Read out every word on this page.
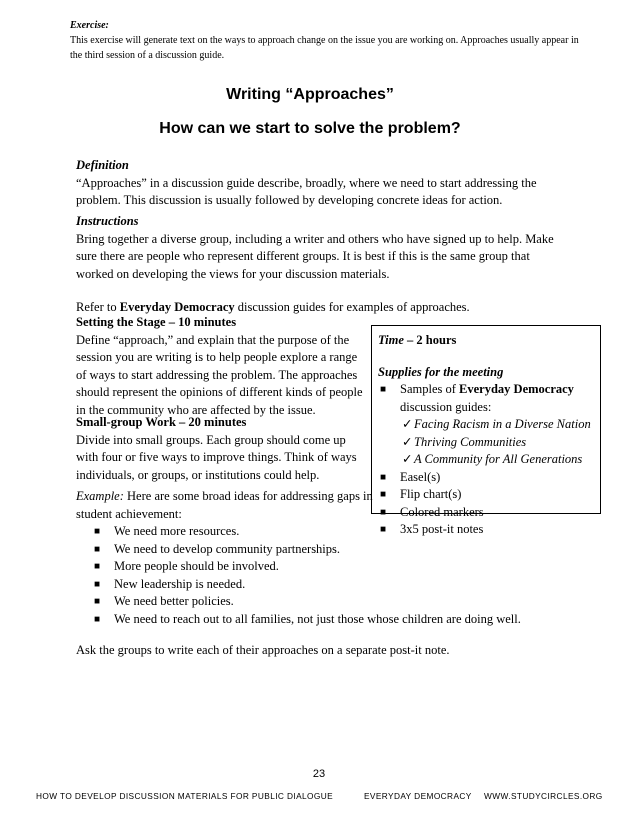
Exercise:
This exercise will generate text on the ways to approach change on the issue you are working on. Approaches usually appear in the third session of a discussion guide.
Writing “Approaches”
How can we start to solve the problem?
Definition
“Approaches” in a discussion guide describe, broadly, where we need to start addressing the problem. This discussion is usually followed by developing concrete ideas for action.
Instructions
Bring together a diverse group, including a writer and others who have signed up to help. Make sure there are people who represent different groups. It is best if this is the same group that worked on developing the views for your discussion materials.
Refer to Everyday Democracy discussion guides for examples of approaches.
Setting the Stage – 10 minutes
Define “approach,” and explain that the purpose of the session you are writing is to help people explore a range of ways to start addressing the problem. The approaches should represent the opinions of different kinds of people in the community who are affected by the issue.
Small-group Work – 20 minutes
Divide into small groups. Each group should come up with four or five ways to improve things. Think of ways individuals, or groups, or institutions could help.
Example: Here are some broad ideas for addressing gaps in student achievement:
■ We need more resources.
■ We need to develop community partnerships.
■ More people should be involved.
■ New leadership is needed.
■ We need better policies.
■ We need to reach out to all families, not just those whose children are doing well.
Ask the groups to write each of their approaches on a separate post-it note.
Time – 2 hours
Supplies for the meeting
■ Samples of Everyday Democracy discussion guides:
✓ Facing Racism in a Diverse Nation
✓ Thriving Communities
✓ A Community for All Generations
■ Easel(s)
■ Flip chart(s)
■ Colored markers
■ 3x5 post-it notes
23
HOW TO DEVELOP DISCUSSION MATERIALS FOR PUBLIC DIALOGUE	EVERYDAY DEMOCRACY WWW.STUDYCIRCLES.ORG
